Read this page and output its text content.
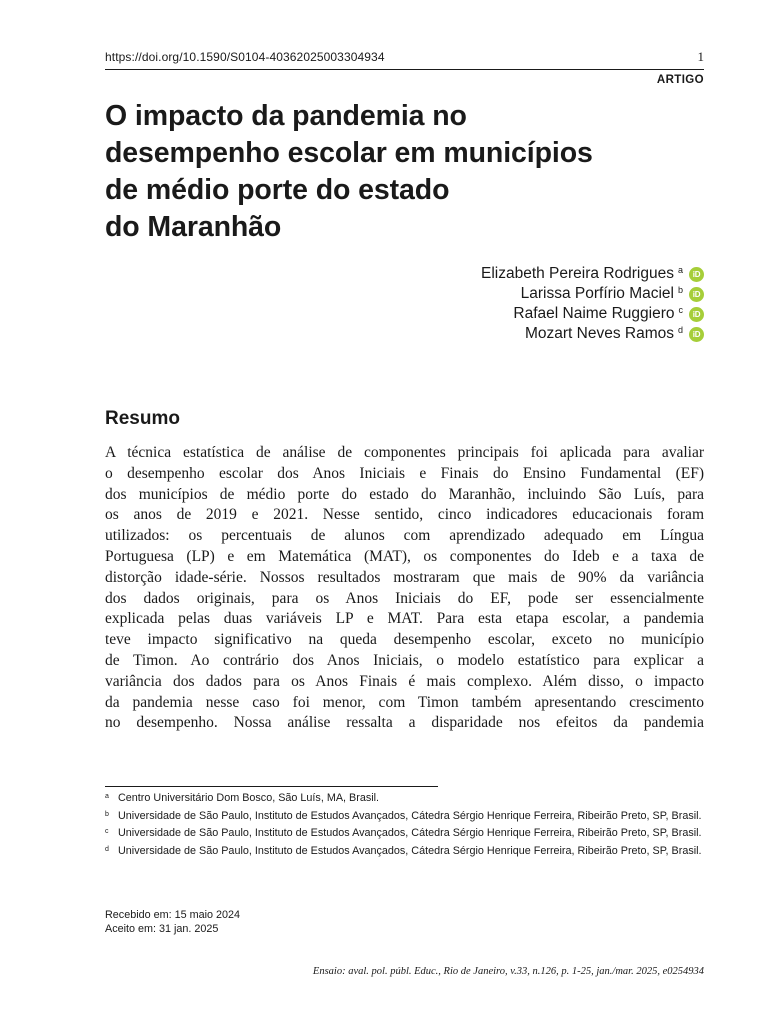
https://doi.org/10.1590/S0104-40362025003304934	1
ARTIGO
O impacto da pandemia no
desempenho escolar em municípios
de médio porte do estado
do Maranhão
Elizabeth Pereira Rodrigues $^a$	iD
Larissa Porfírio Maciel $^b$	iD
Rafael Naime Ruggiero $^c$	iD
Mozart Neves Ramos $^d$	iD
Resumo
A técnica estatística de análise de componentes principais foi aplicada para avaliar
o desempenho escolar dos Anos Iniciais e Finais do Ensino Fundamental (EF)
dos municípios de médio porte do estado do Maranhão, incluindo São Luís, para
os anos de 2019 e 2021. Nesse sentido, cinco indicadores educacionais foram
utilizados: os percentuais de alunos com aprendizado adequado em Língua
Portuguesa (LP) e em Matemática (MAT), os componentes do Ideb e a taxa de
distorção idade-série. Nossos resultados mostraram que mais de 90% da variância
dos dados originais, para os Anos Iniciais do EF, pode ser essencialmente
explicada pelas duas variáveis LP e MAT. Para esta etapa escolar, a pandemia
teve impacto significativo na queda desempenho escolar, exceto no município
de Timon. Ao contrário dos Anos Iniciais, o modelo estatístico para explicar a
variância dos dados para os Anos Finais é mais complexo. Além disso, o impacto
da pandemia nesse caso foi menor, com Timon também apresentando crescimento
no desempenho. Nossa análise ressalta a disparidade nos efeitos da pandemia
a Centro Universitário Dom Bosco, São Luís, MA, Brasil.
b Universidade de São Paulo, Instituto de Estudos Avançados, Cátedra Sérgio Henrique Ferreira, Ribeirão Preto, SP, Brasil.
c Universidade de São Paulo, Instituto de Estudos Avançados, Cátedra Sérgio Henrique Ferreira, Ribeirão Preto, SP, Brasil.
d Universidade de São Paulo, Instituto de Estudos Avançados, Cátedra Sérgio Henrique Ferreira, Ribeirão Preto, SP, Brasil.
Recebido em: 15 maio 2024
Aceito em: 31 jan. 2025
Ensaio: aval. pol. públ. Educ., Rio de Janeiro, v.33, n.126, p. 1-25, jan./mar. 2025, e0254934
